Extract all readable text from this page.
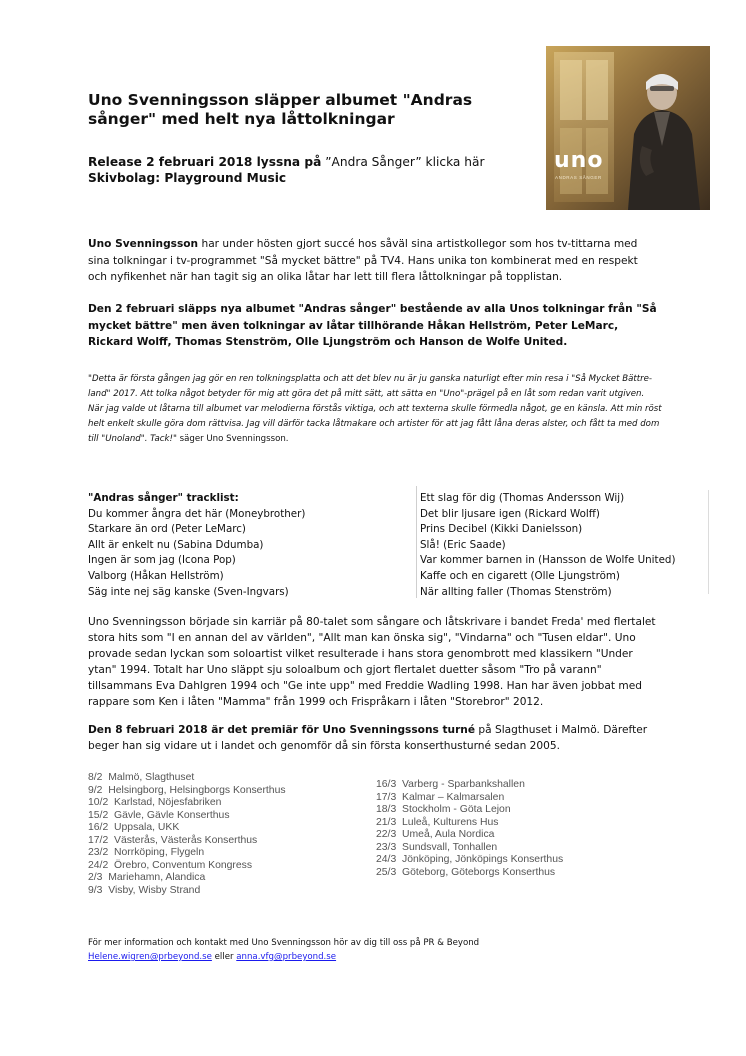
Uno Svenningsson släpper albumet "Andras sånger" med helt nya låttolkningar
Release 2 februari 2018 lyssna på ”Andra Sånger” klicka här
Skivbolag: Playground Music
uno
ANDRAS SÅNGER
Uno Svenningsson har under hösten gjort succé hos såväl sina artistkollegor som hos tv-tittarna med sina tolkningar i tv-programmet "Så mycket bättre" på TV4. Hans unika ton kombinerat med en respekt och nyfikenhet när han tagit sig an olika låtar har lett till flera låttolkningar på topplistan.
Den 2 februari släpps nya albumet "Andras sånger" bestående av alla Unos tolkningar från "Så mycket bättre" men även tolkningar av låtar tillhörande Håkan Hellström, Peter LeMarc, Rickard Wolff, Thomas Stenström, Olle Ljungström och Hanson de Wolfe United.
"Detta är första gången jag gör en ren tolkningsplatta och att det blev nu är ju ganska naturligt efter min resa i "Så Mycket Bättre-land" 2017. Att tolka något betyder för mig att göra det på mitt sätt, att sätta en "Uno"-prägel på en låt som redan varit utgiven. När jag valde ut låtarna till albumet var melodierna förstås viktiga, och att texterna skulle förmedla något, ge en känsla. Att min röst helt enkelt skulle göra dom rättvisa. Jag vill därför tacka låtmakare och artister för att jag fått låna deras alster, och fått ta med dom till "Unoland". Tack!" säger Uno Svenningsson.
"Andras sånger" tracklist:
Du kommer ångra det här (Moneybrother)
Starkare än ord (Peter LeMarc)
Allt är enkelt nu (Sabina Ddumba)
Ingen är som jag (Icona Pop)
Valborg (Håkan Hellström)
Säg inte nej säg kanske (Sven-Ingvars)
Ett slag för dig (Thomas Andersson Wij)
Det blir ljusare igen (Rickard Wolff)
Prins Decibel (Kikki Danielsson)
Slå! (Eric Saade)
Var kommer barnen in (Hansson de Wolfe United)
Kaffe och en cigarett (Olle Ljungström)
När allting faller (Thomas Stenström)
Uno Svenningsson började sin karriär på 80-talet som sångare och låtskrivare i bandet Freda' med flertalet stora hits som "I en annan del av världen", "Allt man kan önska sig", "Vindarna" och "Tusen eldar". Uno provade sedan lyckan som soloartist vilket resulterade i hans stora genombrott med klassikern "Under ytan" 1994. Totalt har Uno släppt sju soloalbum och gjort flertalet duetter såsom "Tro på varann" tillsammans Eva Dahlgren 1994 och "Ge inte upp" med Freddie Wadling 1998. Han har även jobbat med rappare som Ken i låten "Mamma" från 1999 och Frispråkarn i låten "Storebror" 2012.
Den 8 februari 2018 är det premiär för Uno Svenningssons turné på Slagthuset i Malmö. Därefter beger han sig vidare ut i landet och genomför då sin första konserthusturné sedan 2005.
8/2 Malmö, Slagthuset
9/2 Helsingborg, Helsingborgs Konserthus
10/2 Karlstad, Nöjesfabriken
15/2 Gävle, Gävle Konserthus
16/2 Uppsala, UKK
17/2 Västerås, Västerås Konserthus
23/2 Norrköping, Flygeln
24/2 Örebro, Conventum Kongress
2/3 Mariehamn, Alandica
9/3 Visby, Wisby Strand
16/3 Varberg - Sparbankshallen
17/3 Kalmar – Kalmarsalen
18/3 Stockholm - Göta Lejon
21/3 Luleå, Kulturens Hus
22/3 Umeå, Aula Nordica
23/3 Sundsvall, Tonhallen
24/3 Jönköping, Jönköpings Konserthus
25/3 Göteborg, Göteborgs Konserthus
För mer information och kontakt med Uno Svenningsson hör av dig till oss på PR & Beyond
Helene.wigren@prbeyond.se eller anna.vfg@prbeyond.se
